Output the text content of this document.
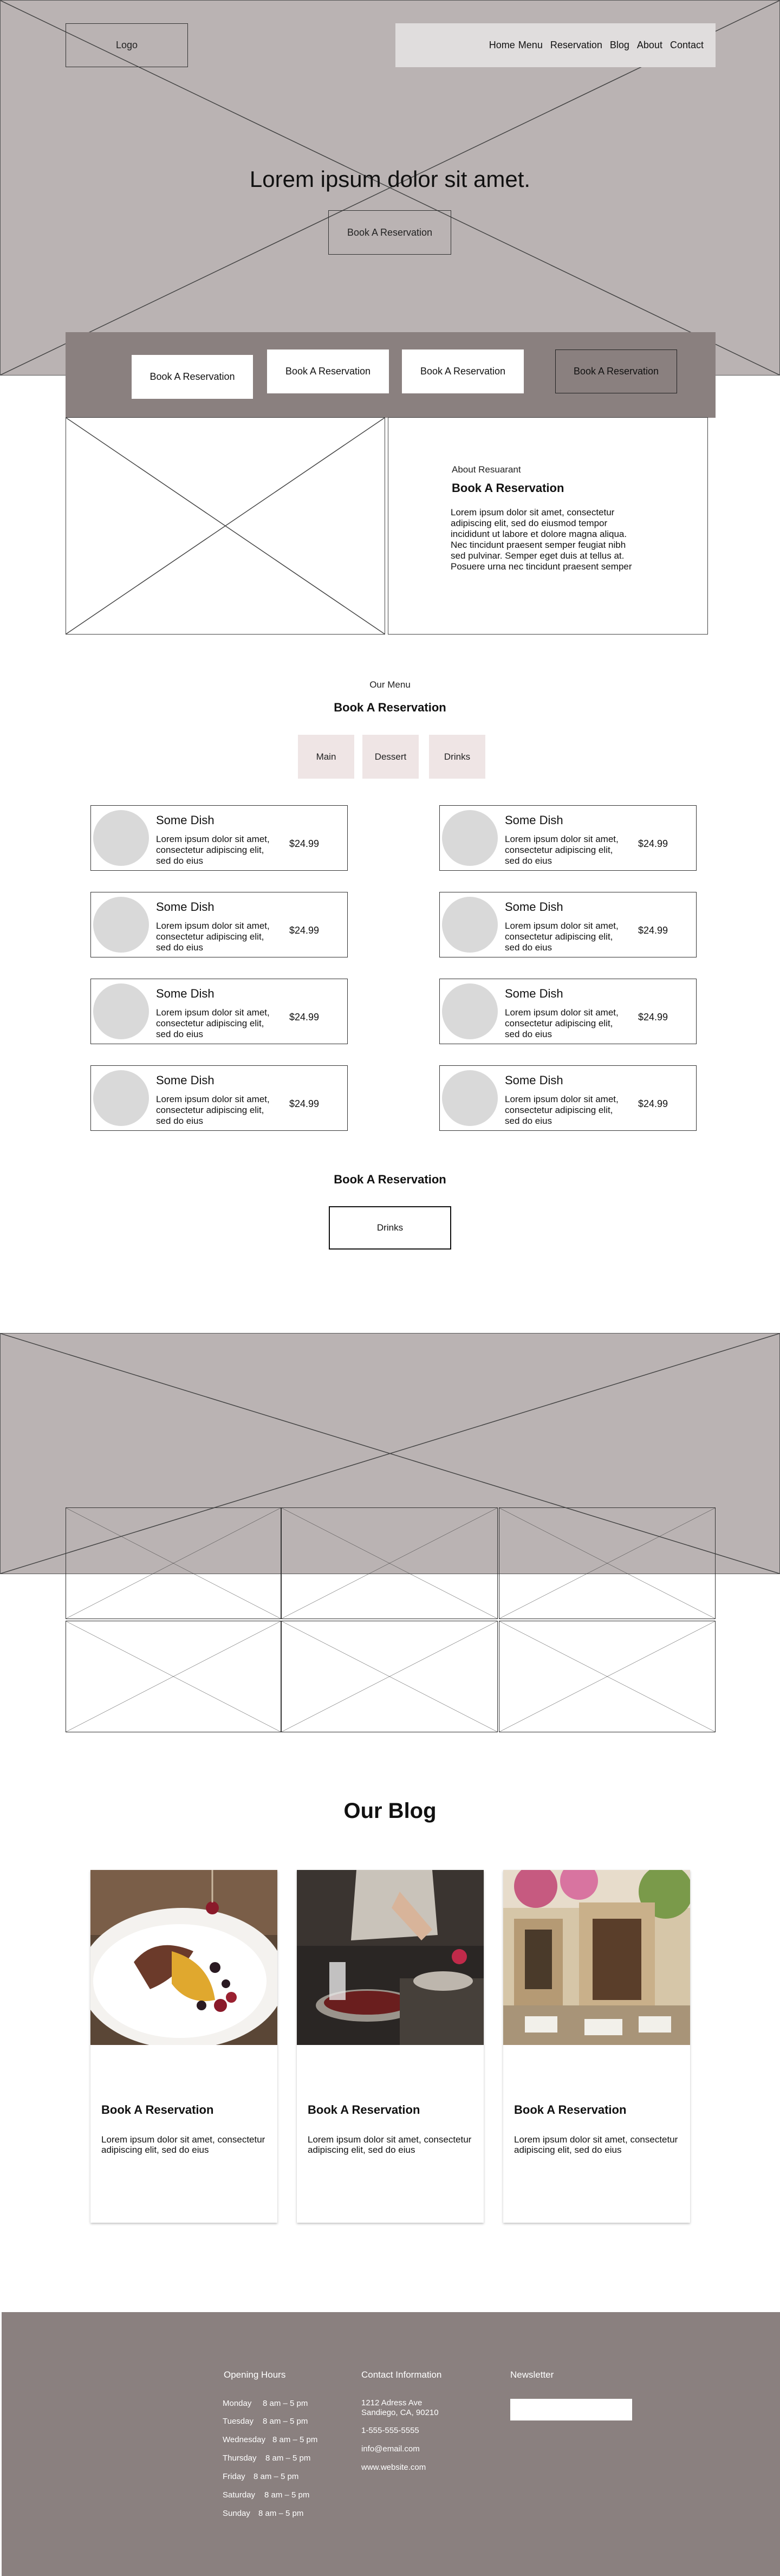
Logo	Home Menu Reservation Blog About Contact
Lorem ipsum dolor sit amet.
Book A Reservation
Book A Reservation	Book A Reservation	Book A Reservation	Book A Reservation
About Resuarant
Book A Reservation
Lorem ipsum dolor sit amet, consectetur adipiscing elit, sed do eiusmod tempor incididunt ut labore et dolore magna aliqua. Nec tincidunt praesent semper feugiat nibh sed pulvinar. Semper eget duis at tellus at. Posuere urna nec tincidunt praesent semper
Our Menu
Book A Reservation
Main	Dessert	Drinks
Some Dish
Lorem ipsum dolor sit amet, consectetur adipiscing elit, sed do eius
$24.99
Some Dish
Lorem ipsum dolor sit amet, consectetur adipiscing elit, sed do eius
$24.99
Some Dish
Lorem ipsum dolor sit amet, consectetur adipiscing elit, sed do eius
$24.99
Some Dish
Lorem ipsum dolor sit amet, consectetur adipiscing elit, sed do eius
$24.99
Some Dish
Lorem ipsum dolor sit amet, consectetur adipiscing elit, sed do eius
$24.99
Some Dish
Lorem ipsum dolor sit amet, consectetur adipiscing elit, sed do eius
$24.99
Some Dish
Lorem ipsum dolor sit amet, consectetur adipiscing elit, sed do eius
$24.99
Some Dish
Lorem ipsum dolor sit amet, consectetur adipiscing elit, sed do eius
$24.99
Book A Reservation
Drinks
Our Blog
Book A Reservation
Lorem ipsum dolor sit amet, consectetur adipiscing elit, sed do eius
Book A Reservation
Lorem ipsum dolor sit amet, consectetur adipiscing elit, sed do eius
Book A Reservation
Lorem ipsum dolor sit amet, consectetur adipiscing elit, sed do eius
Opening Hours
Monday 8 am – 5 pm
Tuesday 8 am – 5 pm
Wednesday 8 am – 5 pm
Thursday 8 am – 5 pm
Friday 8 am – 5 pm
Saturday 8 am – 5 pm
Sunday 8 am – 5 pm
Contact Information
1212 Adress Ave
Sandiego, CA, 90210
1-555-555-5555
info@email.com
www.website.com
Newsletter
